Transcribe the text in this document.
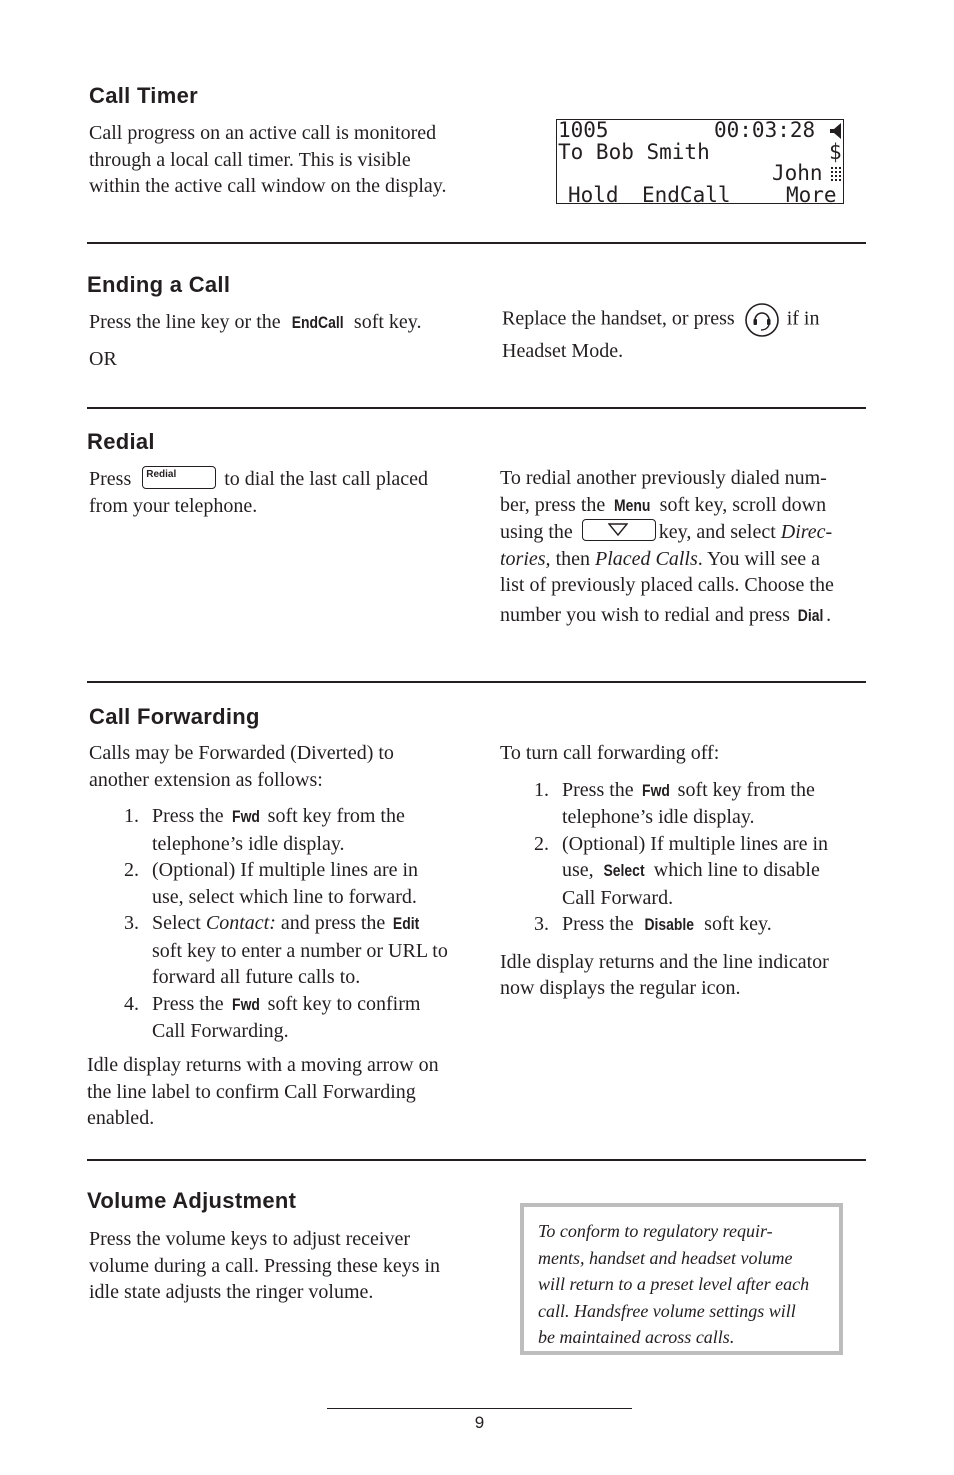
Call Timer

Call progress on an active call is monitored

through a local call timer. This is visible

within the active call window on the display.

1005	00:03:28
To Bob Smith	$
John
Hold EndCall	More
Ending a Call

Press the line key or the EndCall soft key.

OR

Replace the handset, or press	if in

Headset Mode.

Redial

Press Redial to dial the last call placed

from your telephone.

To redial another previously dialed num-

ber, press the Menu soft key, scroll down

using the	key, and select Direc-

tories, then Placed Calls. You will see a

list of previously placed calls. Choose the

number you wish to redial and press Dial .

Call Forwarding

Calls may be Forwarded (Diverted) to

another extension as follows:

1. Press the Fwd soft key from the
telephone’s idle display.
2. (Optional) If multiple lines are in
use, select which line to forward.
3. Select Contact: and press the Edit
soft key to enter a number or URL to
forward all future calls to.
4. Press the Fwd soft key to confirm
Call Forwarding.

Idle display returns with a moving arrow on

the line label to confirm Call Forwarding

enabled.

To turn call forwarding off:

1. Press the Fwd soft key from the
telephone’s idle display.
2. (Optional) If multiple lines are in
use, Select which line to disable
Call Forward.
3. Press the Disable soft key.

Idle display returns and the line indicator

now displays the regular icon.

Volume Adjustment

Press the volume keys to adjust receiver

volume during a call. Pressing these keys in

idle state adjusts the ringer volume.

To conform to regulatory requir-

ments, handset and headset volume

will return to a preset level after each

call. Handsfree volume settings will

be maintained across calls.

9
